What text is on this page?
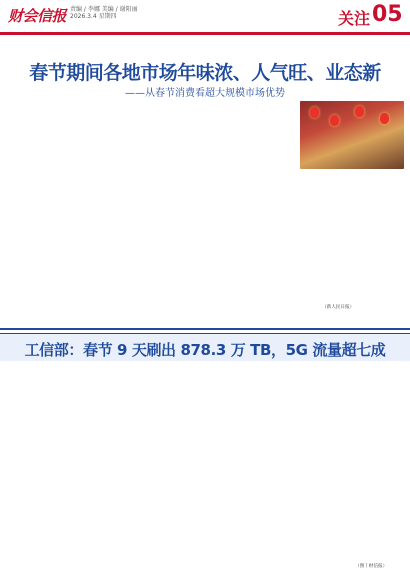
财会信报 责编 / 李娜 美编 / 谢阳丽
2026.3.4 星期四	关注 05
春节期间各地市场年味浓、人气旺、业态新
——从春节消费看超大规模市场优势
（新人民日报）
工信部：春节 9 天刷出 878.3 万 TB，5G 流量超七成
（图丨财信报）
